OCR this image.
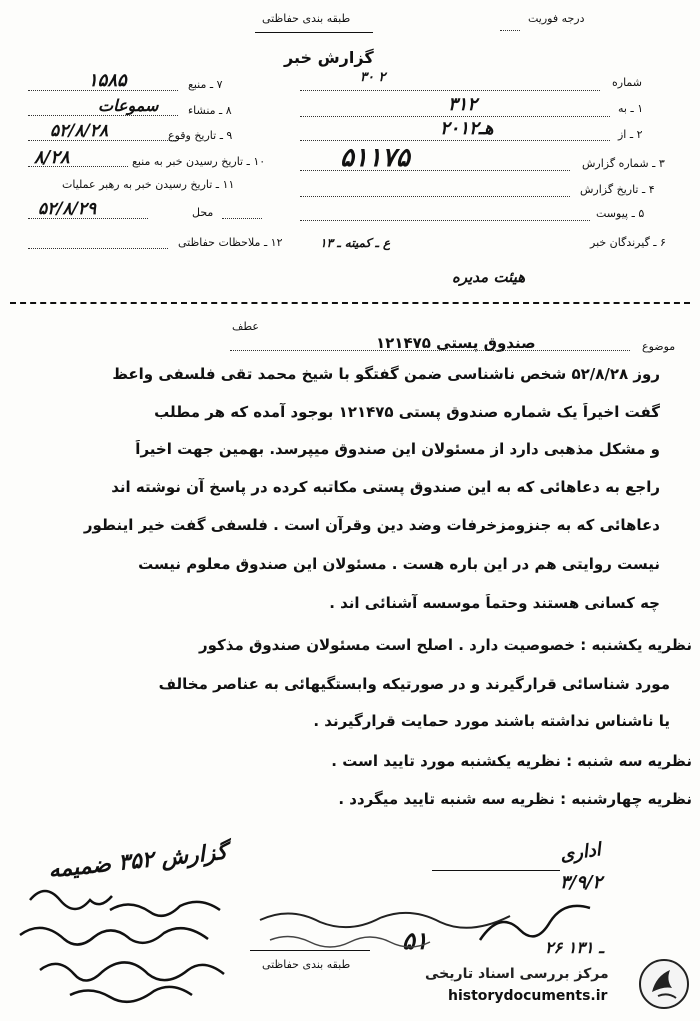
طبقه بندی حفاظتی	درجه فوریت
گزارش خبر
۱۵۸۵	۷ ـ منبع
سموعات	۸ ـ منشاء
۵۲/۸/۲۸	۹ ـ تاریخ وقوع
۸/۲۸	۱۰ ـ تاریخ رسیدن خبر به منبع
۱۱ ـ تاریخ رسیدن خبر به رهبر عملیات
۵۲/۸/۲۹	محل
شماره
۳۰ ۲
۱ ـ به
۳۱۲
۲ ـ از
۲۰هـ۱۲
۳ ـ شماره گزارش
۵۱۱۷۵
۴ ـ تاریخ گزارش
۵ ـ پیوست
۶ ـ گیرندگان خبر
ع ـ کمیته ـ ۱۳
۱۲ ـ ملاحظات حفاظتی
هیئت مدیره
عطف
موضوع
صندوق پستی ۱۲۱۴۷۵
روز ۵۲/۸/۲۸ شخص ناشناسی ضمن گفتگو با شیخ محمد تقی فلسفی واعظ
گفت اخیراً یک شماره صندوق پستی ۱۲۱۴۷۵ بوجود آمده که هر مطلب
و مشکل مذهبی دارد از مسئولان این صندوق میپرسد. بهمین جهت اخیراً
راجع به دعاهائی که به این صندوق پستی مکاتبه کرده در پاسخ آن نوشته اند
دعاهائی که به جنزومزخرفات وضد دین وقرآن است . فلسفی گفت خیر اینطور
نیست روایتی هم در این باره هست . مسئولان این صندوق معلوم نیست
چه کسانی هستند وحتماً موسسه آشنائی اند .
نظریه یکشنبه : خصوصیت دارد . اصلح است مسئولان صندوق مذکور
مورد شناسائی قرارگیرند و در صورتیکه وابستگیهائی به عناصر مخالف
یا ناشناس نداشته باشند مورد حمایت قرارگیرند .
نظریه سه شنبه : نظریه یکشنبه مورد تایید است .
نظریه چهارشنبه : نظریه سه شنبه تایید میگردد .
گزارش ۳۵۲ ضمیمه	اداری
۳/۹/۲
۲۶ ـ ۱۳۱
۵۱
طبقه بندی حفاظتی
مرکز بررسی اسناد تاریخی
historydocuments.ir
